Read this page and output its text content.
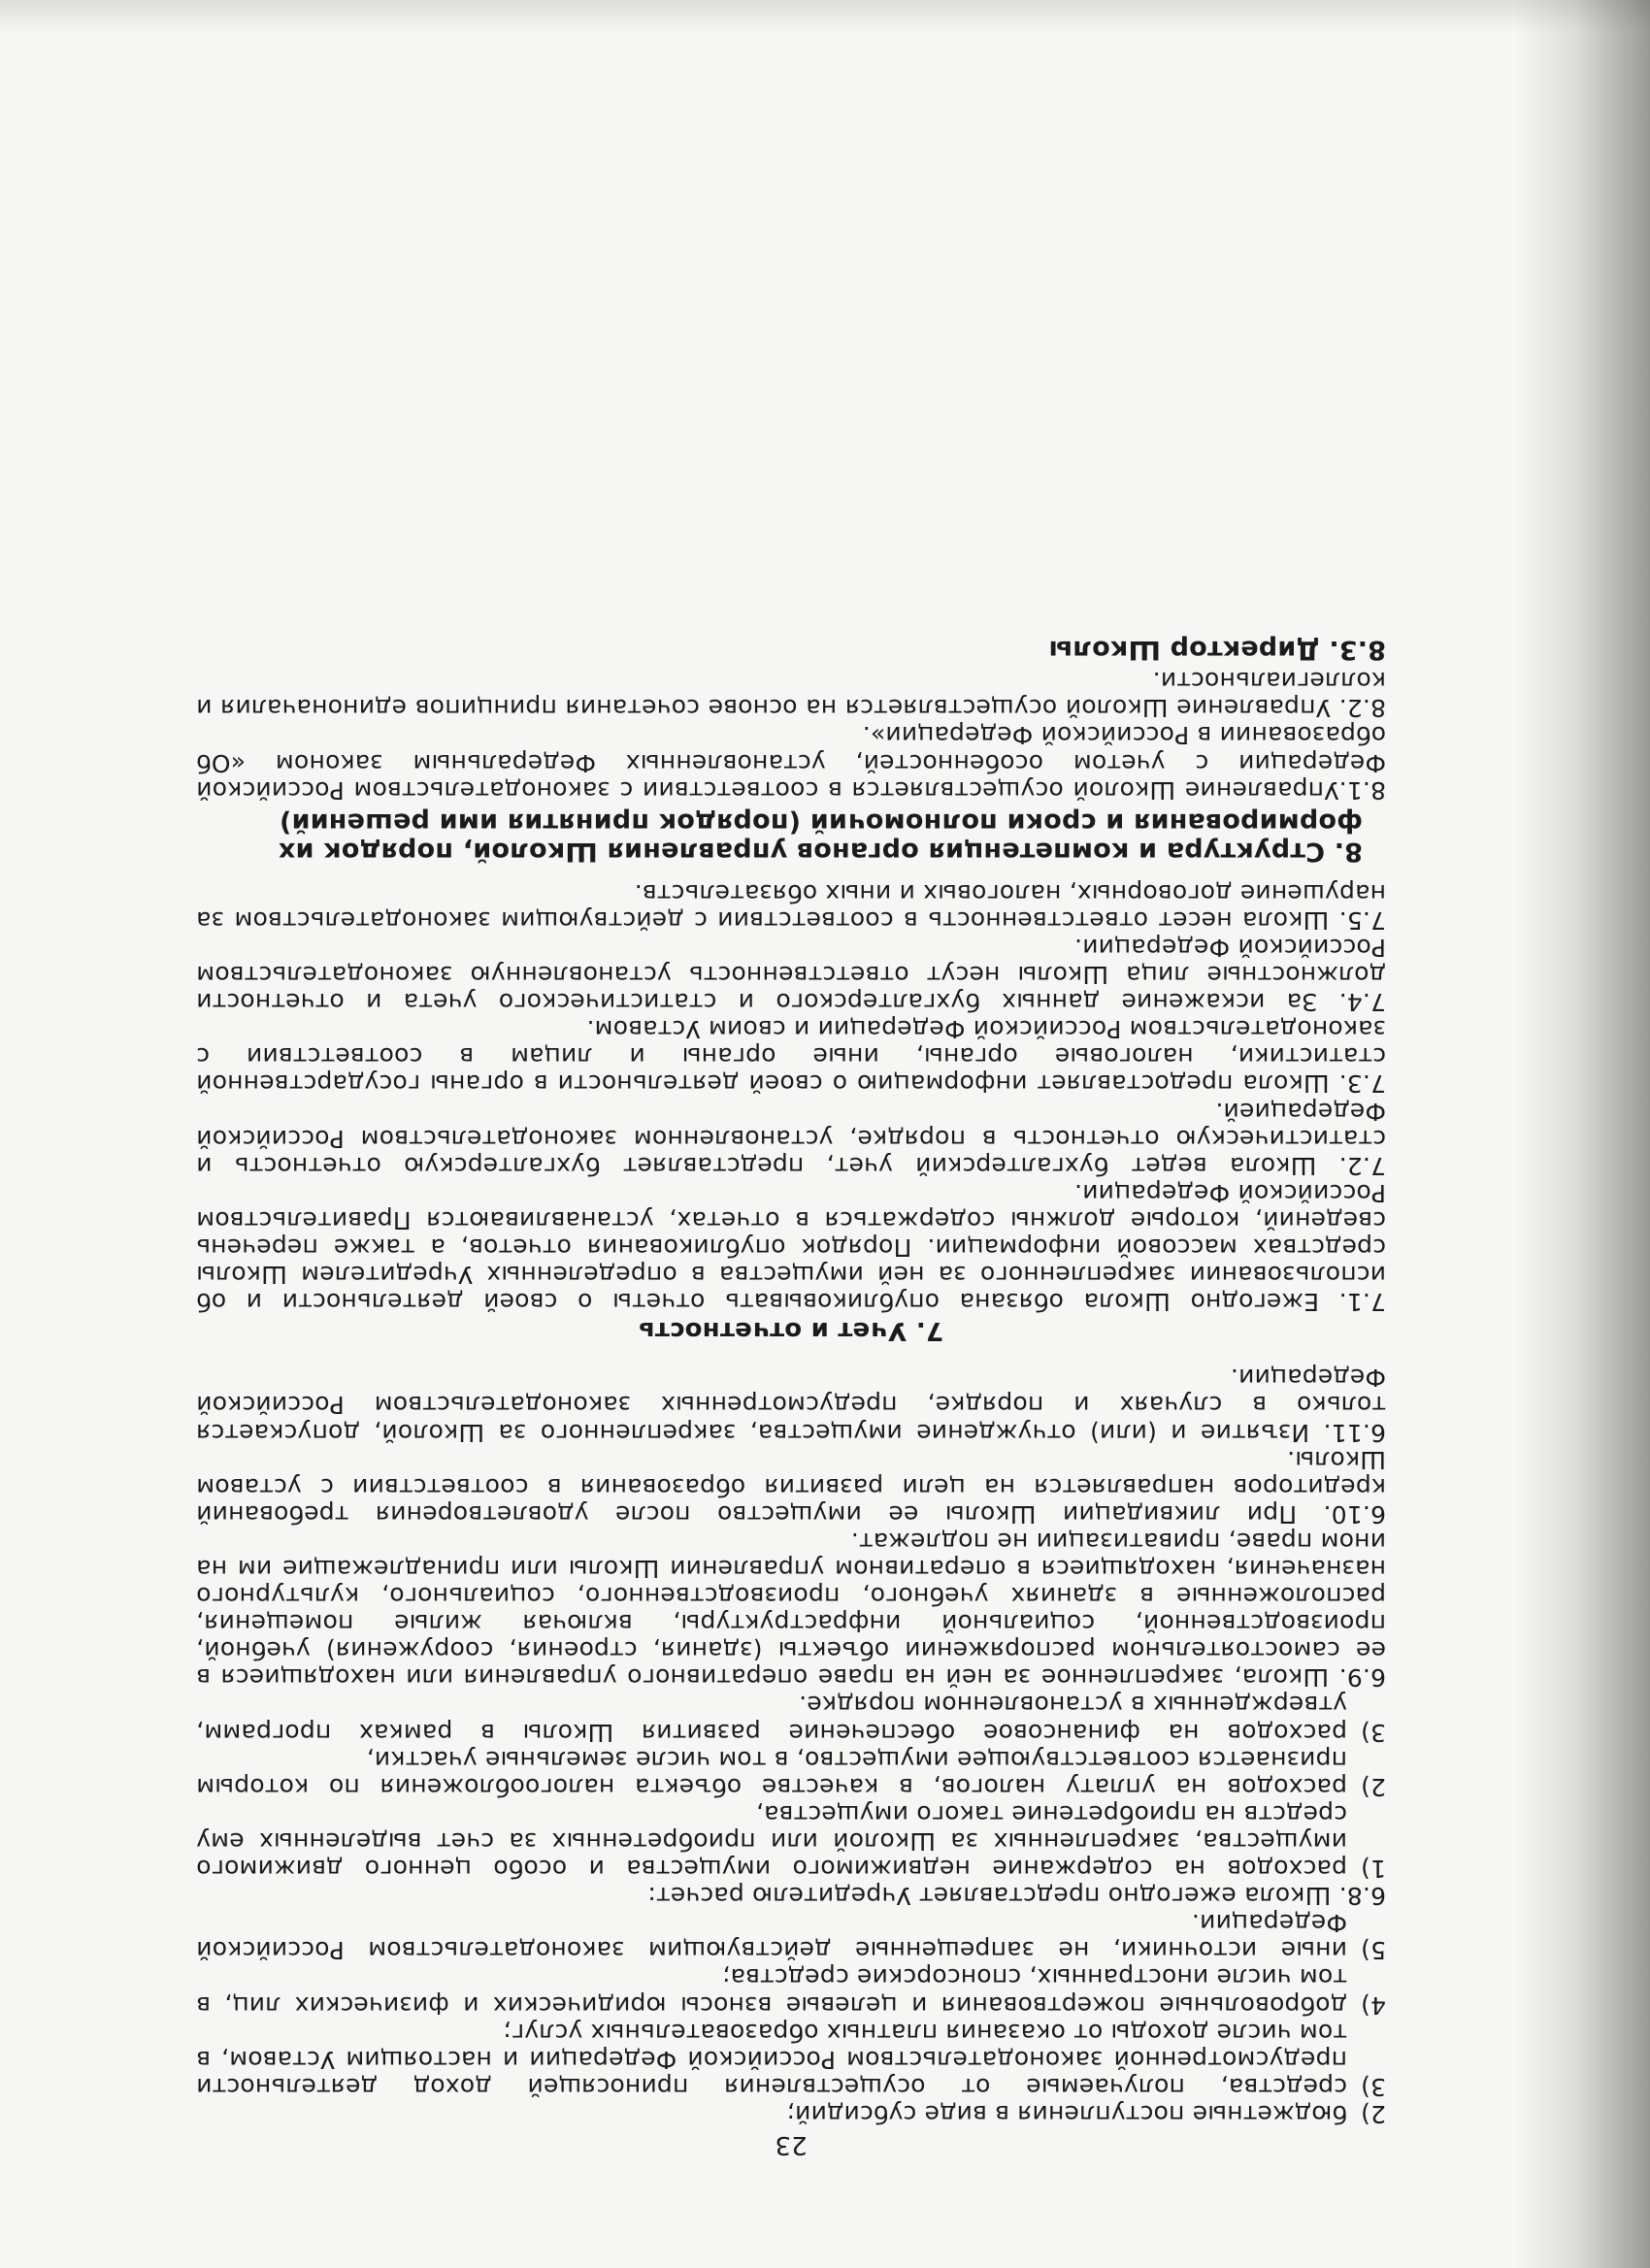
23
2)
бюджетные поступления в виде субсидий;
3)
средства, получаемые от осуществления приносящей доход деятельности предусмотренной законодательством Российской Федерации и настоящим Уставом, в том числе доходы от оказания платных образовательных услуг;
4)
добровольные пожертвования и целевые взносы юридических и физических лиц, в том числе иностранных, спонсорские средства;
5)
иные источники, не запрещенные действующим законодательством Российской Федерации.

6.8. Школа ежегодно представляет Учредителю расчет:

1)
расходов на содержание недвижимого имущества и особо ценного движимого имущества, закрепленных за Школой или приобретенных за счет выделенных ему средств на приобретение такого имущества,
2)
расходов на уплату налогов, в качестве объекта налогообложения по которым признается соответствующее имущество, в том числе земельные участки,
3)
расходов на финансовое обеспечение развития Школы в рамках программ, утвержденных в установленном порядке.

6.9. Школа, закрепленное за ней на праве оперативного управления или находящиеся в ее самостоятельном распоряжении объекты (здания, строения, сооружения) учебной, производственной, социальной инфраструктуры, включая жилые помещения, расположенные в зданиях учебного, производственного, социального, культурного назначения, находящиеся в оперативном управлении Школы или принадлежащие им на ином праве, приватизации не подлежат.

6.10. При ликвидации Школы ее имущество после удовлетворения требований кредиторов направляется на цели развития образования в соответствии с уставом Школы.

6.11. Изъятие и (или) отчуждение имущества, закрепленного за Школой, допускается только в случаях и порядке, предусмотренных законодательством Российской Федерации.

7. Учет и отчетность

7.1. Ежегодно Школа обязана опубликовывать отчеты о своей деятельности и об использовании закрепленного за ней имущества в определенных Учредителем Школы средствах массовой информации. Порядок опубликования отчетов, а также перечень сведений, которые должны содержаться в отчетах, устанавливаются Правительством Российской Федерации.

7.2. Школа ведет бухгалтерский учет, представляет бухгалтерскую отчетность и статистическую отчетность в порядке, установленном законодательством Российской Федерацией.

7.3. Школа предоставляет информацию о своей деятельности в органы государственной статистики, налоговые органы, иные органы и лицам в соответствии с законодательством Российской Федерации и своим Уставом.

7.4. За искажение данных бухгалтерского и статистического учета и отчетности должностные лица Школы несут ответственность установленную законодательством Российской Федерации.

7.5. Школа несет ответственность в соответствии с действующим законодательством за нарушение договорных, налоговых и иных обязательств.

8. Структура и компетенция органов управления Школой, порядок их формирования и сроки полномочий (порядок принятия ими решений)

8.1.Управление Школой осуществляется в соответствии с законодательством Российской Федерации с учетом особенностей, установленных Федеральным законом «Об образовании в Российской Федерации».

8.2. Управление Школой осуществляется на основе сочетания принципов единоначалия и коллегиальности.

8.3. Директор Школы
